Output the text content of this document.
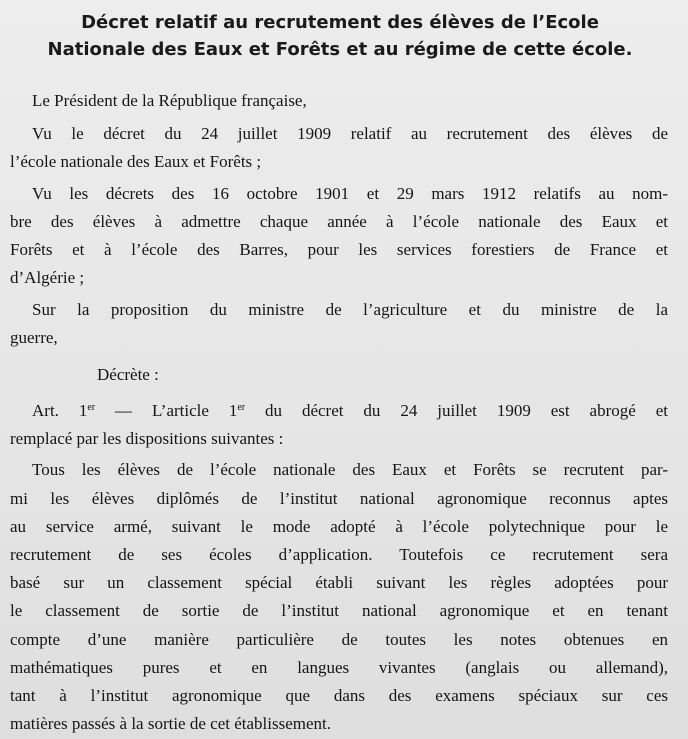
Décret relatif au recrutement des élèves de l’Ecole
Nationale des Eaux et Forêts et au régime de cette école.
Le Président de la République française,
Vu le décret du 24 juillet 1909 relatif au recrutement des élèves de
l’école nationale des Eaux et Forêts ;
Vu les décrets des 16 octobre 1901 et 29 mars 1912 relatifs au nom-
bre des élèves à admettre chaque année à l’école nationale des Eaux et
Forêts et à l’école des Barres, pour les services forestiers de France et
d’Algérie ;
Sur la proposition du ministre de l’agriculture et du ministre de la
guerre,
Décrète :
Art. 1er — L’article 1er du décret du 24 juillet 1909 est abrogé et
remplacé par les dispositions suivantes :
Tous les élèves de l’école nationale des Eaux et Forêts se recrutent par-
mi les élèves diplômés de l’institut national agronomique reconnus aptes
au service armé, suivant le mode adopté à l’école polytechnique pour le
recrutement de ses écoles d’application. Toutefois ce recrutement sera
basé sur un classement spécial établi suivant les règles adoptées pour
le classement de sortie de l’institut national agronomique et en tenant
compte d’une manière particulière de toutes les notes obtenues en
mathématiques pures et en langues vivantes (anglais ou allemand),
tant à l’institut agronomique que dans des examens spéciaux sur ces
matières passés à la sortie de cet établissement.
